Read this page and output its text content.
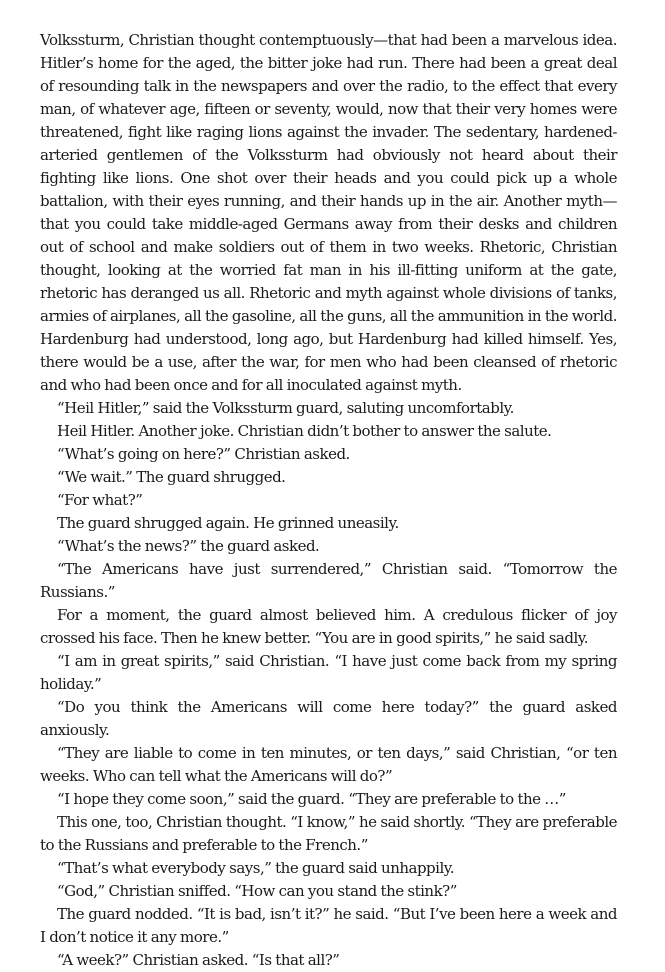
Volkssturm, Christian thought contemptuously—that had been a marvelous idea. Hitler’s home for the aged, the bitter joke had run. There had been a great deal of resounding talk in the newspapers and over the radio, to the effect that every man, of whatever age, fifteen or seventy, would, now that their very homes were threatened, fight like raging lions against the invader. The sedentary, hardened-arteried gentlemen of the Volkssturm had obviously not heard about their fighting like lions. One shot over their heads and you could pick up a whole battalion, with their eyes running, and their hands up in the air. Another myth—that you could take middle-aged Germans away from their desks and children out of school and make soldiers out of them in two weeks. Rhetoric, Christian thought, looking at the worried fat man in his ill-fitting uniform at the gate, rhetoric has deranged us all. Rhetoric and myth against whole divisions of tanks, armies of airplanes, all the gasoline, all the guns, all the ammunition in the world. Hardenburg had understood, long ago, but Hardenburg had killed himself. Yes, there would be a use, after the war, for men who had been cleansed of rhetoric and who had been once and for all inoculated against myth.

“Heil Hitler,” said the Volkssturm guard, saluting uncomfortably.

Heil Hitler. Another joke. Christian didn’t bother to answer the salute.

“What’s going on here?” Christian asked.

“We wait.” The guard shrugged.

“For what?”

The guard shrugged again. He grinned uneasily.

“What’s the news?” the guard asked.

“The Americans have just surrendered,” Christian said. “Tomorrow the Russians.”

For a moment, the guard almost believed him. A credulous flicker of joy crossed his face. Then he knew better. “You are in good spirits,” he said sadly.

“I am in great spirits,” said Christian. “I have just come back from my spring holiday.”

“Do you think the Americans will come here today?” the guard asked anxiously.

“They are liable to come in ten minutes, or ten days,” said Christian, “or ten weeks. Who can tell what the Americans will do?”

“I hope they come soon,” said the guard. “They are preferable to the …”

This one, too, Christian thought. “I know,” he said shortly. “They are preferable to the Russians and preferable to the French.”

“That’s what everybody says,” the guard said unhappily.

“God,” Christian sniffed. “How can you stand the stink?”

The guard nodded. “It is bad, isn’t it?” he said. “But I’ve been here a week and I don’t notice it any more.”

“A week?” Christian asked. “Is that all?”
